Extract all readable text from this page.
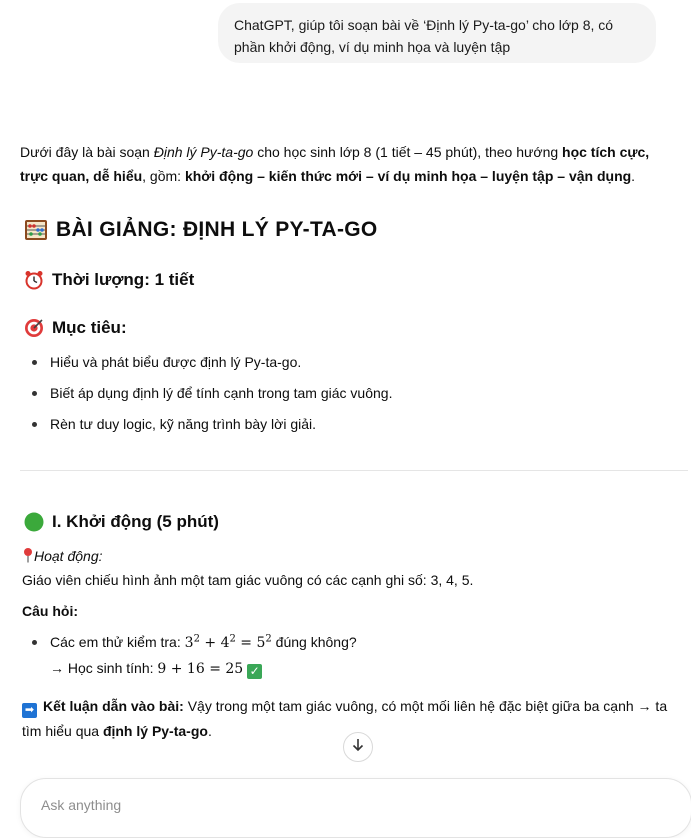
ChatGPT, giúp tôi soạn bài về ‘Định lý Py-ta-go’ cho lớp 8, có phần khởi động, ví dụ minh họa và luyện tập
Dưới đây là bài soạn Định lý Py-ta-go cho học sinh lớp 8 (1 tiết – 45 phút), theo hướng học tích cực, trực quan, dễ hiểu, gồm: khởi động – kiến thức mới – ví dụ minh họa – luyện tập – vận dụng.
BÀI GIẢNG: ĐỊNH LÝ PY-TA-GO
Thời lượng: 1 tiết
Mục tiêu:
Hiểu và phát biểu được định lý Py-ta-go.
Biết áp dụng định lý để tính cạnh trong tam giác vuông.
Rèn tư duy logic, kỹ năng trình bày lời giải.
I. Khởi động (5 phút)
Hoạt động:
Giáo viên chiếu hình ảnh một tam giác vuông có các cạnh ghi số: 3, 4, 5.
Câu hỏi:
Các em thử kiểm tra: $3^2 + 4^2 = 5^2$ đúng không?
→ Học sinh tính: 9 + 16 = 25 ✓
➡ Kết luận dẫn vào bài: Vậy trong một tam giác vuông, có một mối liên hệ đặc biệt giữa ba cạnh → ta tìm hiểu qua định lý Py-ta-go.
Ask anything
